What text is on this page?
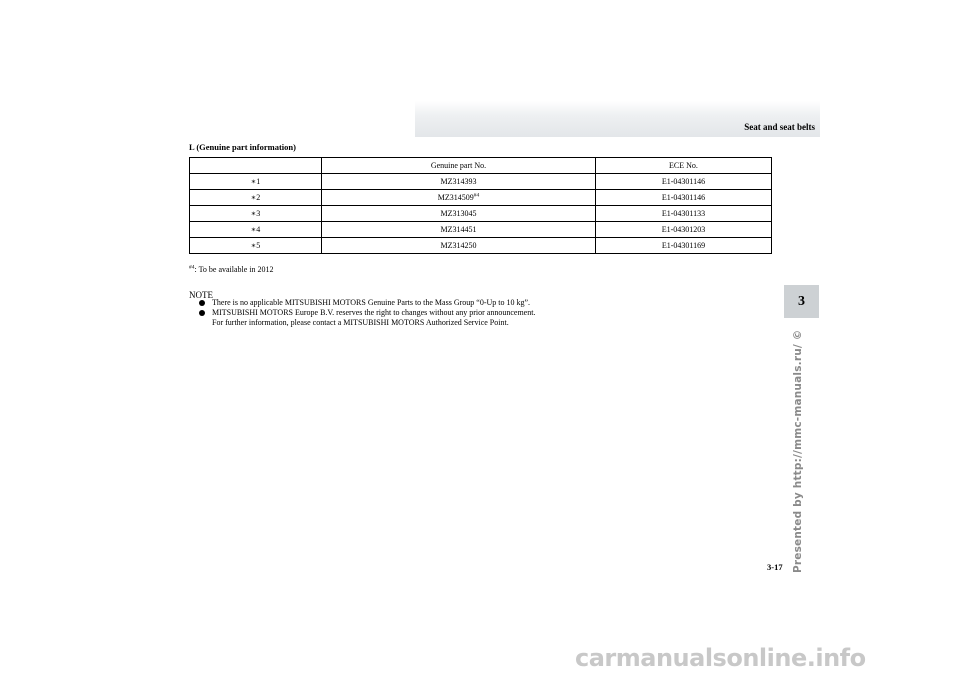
Seat and seat belts
L (Genuine part information)
	Genuine part No.	ECE No.
∗1	MZ314393	E1-04301146
∗2	MZ314509$^{\#4}$	E1-04301146
∗3	MZ313045	E1-04301133
∗4	MZ314451	E1-04301203
∗5	MZ314250	E1-04301169
$^{\#4}$: To be available in 2012
NOTE
There is no applicable MITSUBISHI MOTORS Genuine Parts to the Mass Group “0-Up to 10 kg”.
MITSUBISHI MOTORS Europe B.V. reserves the right to changes without any prior announcement.
For further information, please contact a MITSUBISHI MOTORS Authorized Service Point.
3
Presented by http://mmc-manuals.ru/ ©
3-17
carmanualsonline.info
